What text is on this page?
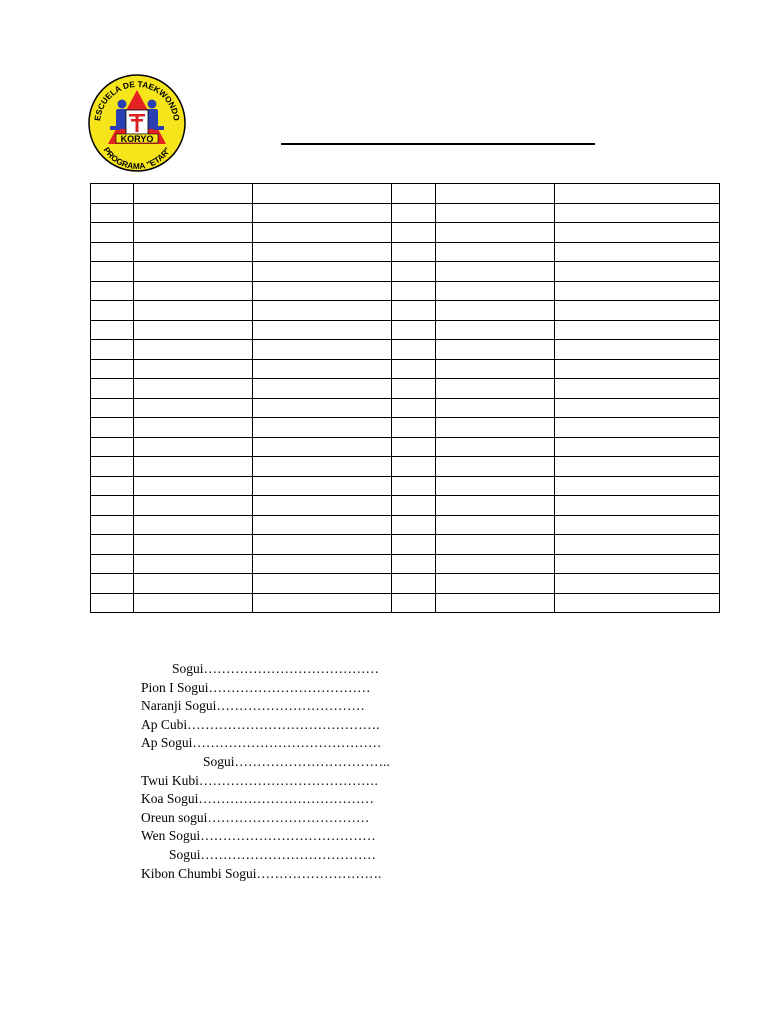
KORYO
ESCUELA DE TAEKWONDO
PROGRAMA "ETAR"

Sogui…………………………………
Pion I Sogui………………………………
Naranji Sogui……………………………
Ap Cubi…………………………………….
Ap Sogui……………………………………
Sogui……………………………..
Twui Kubi………………………………….
Koa Sogui…………………………………
Oreun sogui………………………………
Wen Sogui…………………………………
Sogui…………………………………
Kibon Chumbi Sogui……………………….
